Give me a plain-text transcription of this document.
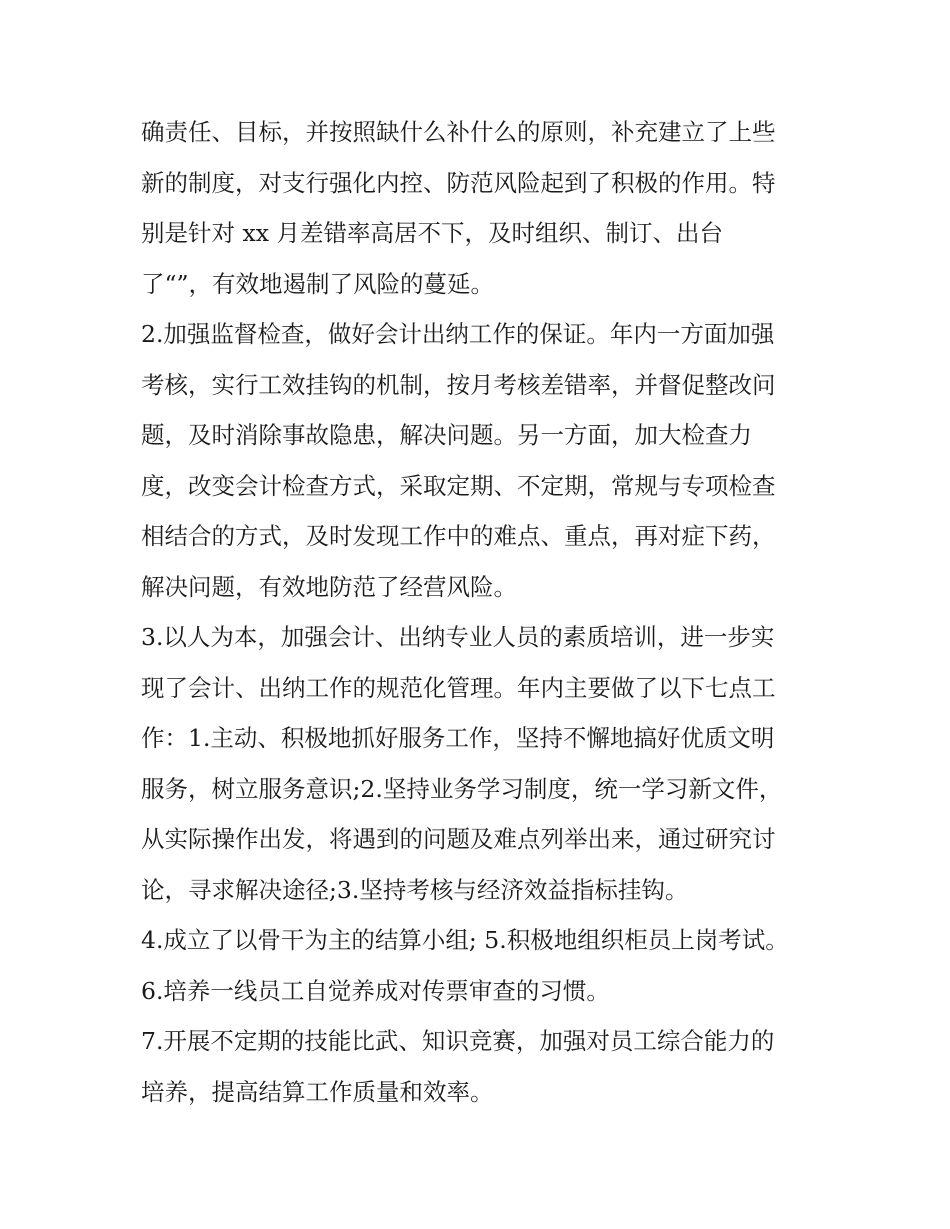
确责任、目标，并按照缺什么补什么的原则，补充建立了上些
新的制度，对支行强化内控、防范风险起到了积极的作用。特
别是针对 xx 月差错率高居不下，及时组织、制订、出台
了“”，有效地遏制了风险的蔓延。
2.加强监督检查，做好会计出纳工作的保证。年内一方面加强
考核，实行工效挂钩的机制，按月考核差错率，并督促整改问
题，及时消除事故隐患，解决问题。另一方面，加大检查力
度，改变会计检查方式，采取定期、不定期，常规与专项检查
相结合的方式，及时发现工作中的难点、重点，再对症下药，
解决问题，有效地防范了经营风险。
3.以人为本，加强会计、出纳专业人员的素质培训，进一步实
现了会计、出纳工作的规范化管理。年内主要做了以下七点工
作：1.主动、积极地抓好服务工作，坚持不懈地搞好优质文明
服务，树立服务意识;2.坚持业务学习制度，统一学习新文件，
从实际操作出发，将遇到的问题及难点列举出来，通过研究讨
论，寻求解决途径;3.坚持考核与经济效益指标挂钩。
4.成立了以骨干为主的结算小组; 5.积极地组织柜员上岗考试。
6.培养一线员工自觉养成对传票审查的习惯。
7.开展不定期的技能比武、知识竞赛，加强对员工综合能力的
培养，提高结算工作质量和效率。
